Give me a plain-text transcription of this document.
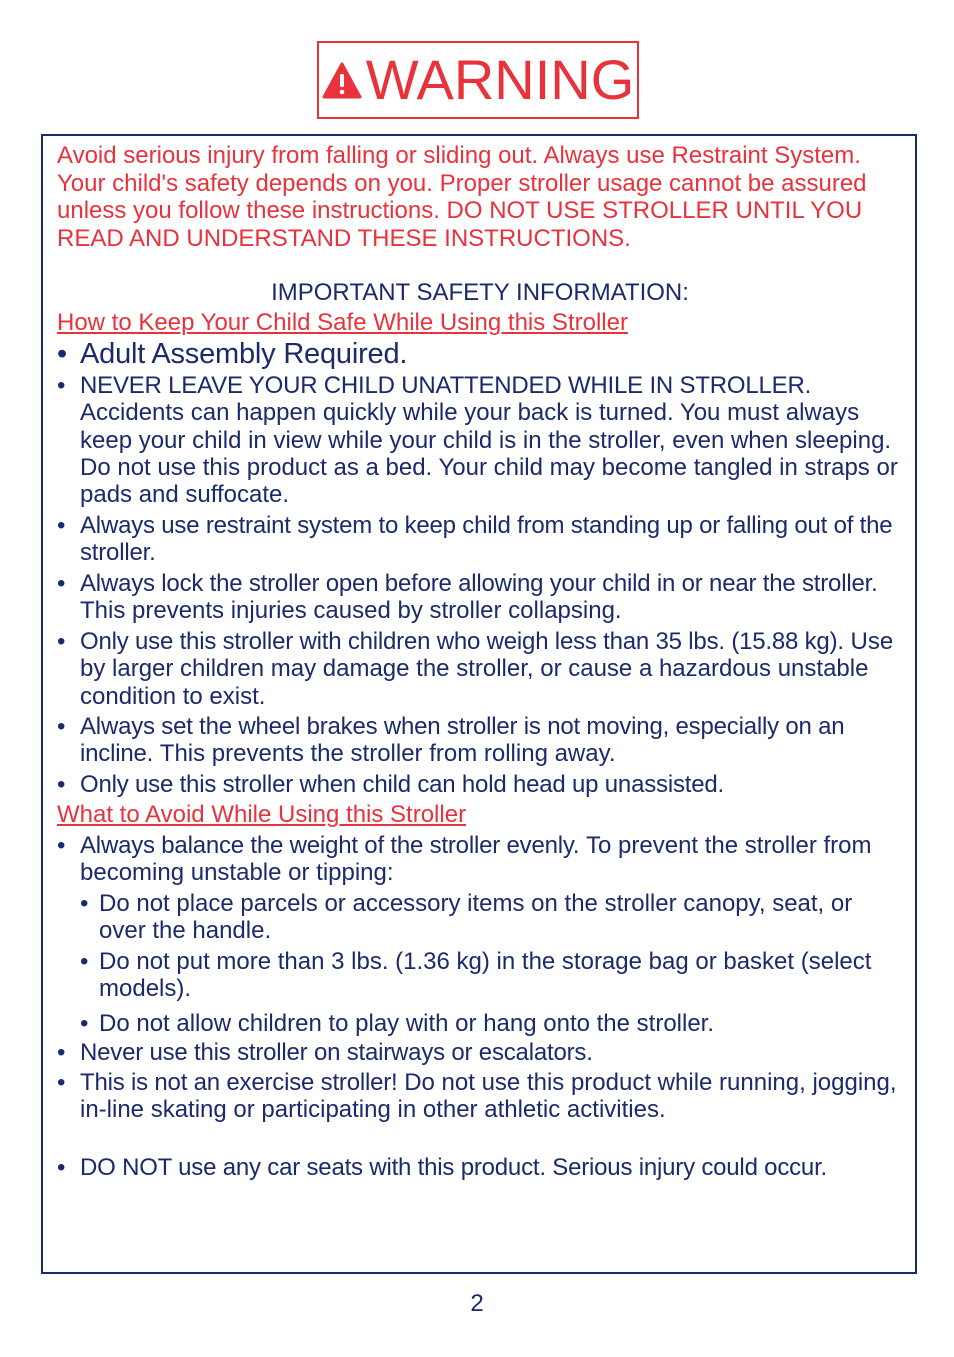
WARNING

Avoid serious injury from falling or sliding out. Always use Restraint System. Your child's safety depends on you. Proper stroller usage cannot be assured unless you follow these instructions. DO NOT USE STROLLER UNTIL YOU READ AND UNDERSTAND THESE INSTRUCTIONS.

IMPORTANT SAFETY INFORMATION:

How to Keep Your Child Safe While Using this Stroller

• Adult Assembly Required.

• NEVER LEAVE YOUR CHILD UNATTENDED WHILE IN STROLLER. Accidents can happen quickly while your back is turned. You must always keep your child in view while your child is in the stroller, even when sleeping. Do not use this product as a bed. Your child may become tangled in straps or pads and suffocate.

• Always use restraint system to keep child from standing up or falling out of the stroller.

• Always lock the stroller open before allowing your child in or near the stroller. This prevents injuries caused by stroller collapsing.

• Only use this stroller with children who weigh less than 35 lbs. (15.88 kg). Use by larger children may damage the stroller, or cause a hazardous unstable condition to exist.

• Always set the wheel brakes when stroller is not moving, especially on an incline. This prevents the stroller from rolling away.

• Only use this stroller when child can hold head up unassisted.

What to Avoid While Using this Stroller

• Always balance the weight of the stroller evenly. To prevent the stroller from becoming unstable or tipping:

• Do not place parcels or accessory items on the stroller canopy, seat, or over the handle.

• Do not put more than 3 lbs. (1.36 kg) in the storage bag or basket (select models).

• Do not allow children to play with or hang onto the stroller.

• Never use this stroller on stairways or escalators.

• This is not an exercise stroller! Do not use this product while running, jogging, in-line skating or participating in other athletic activities.

• DO NOT use any car seats with this product. Serious injury could occur.

2
